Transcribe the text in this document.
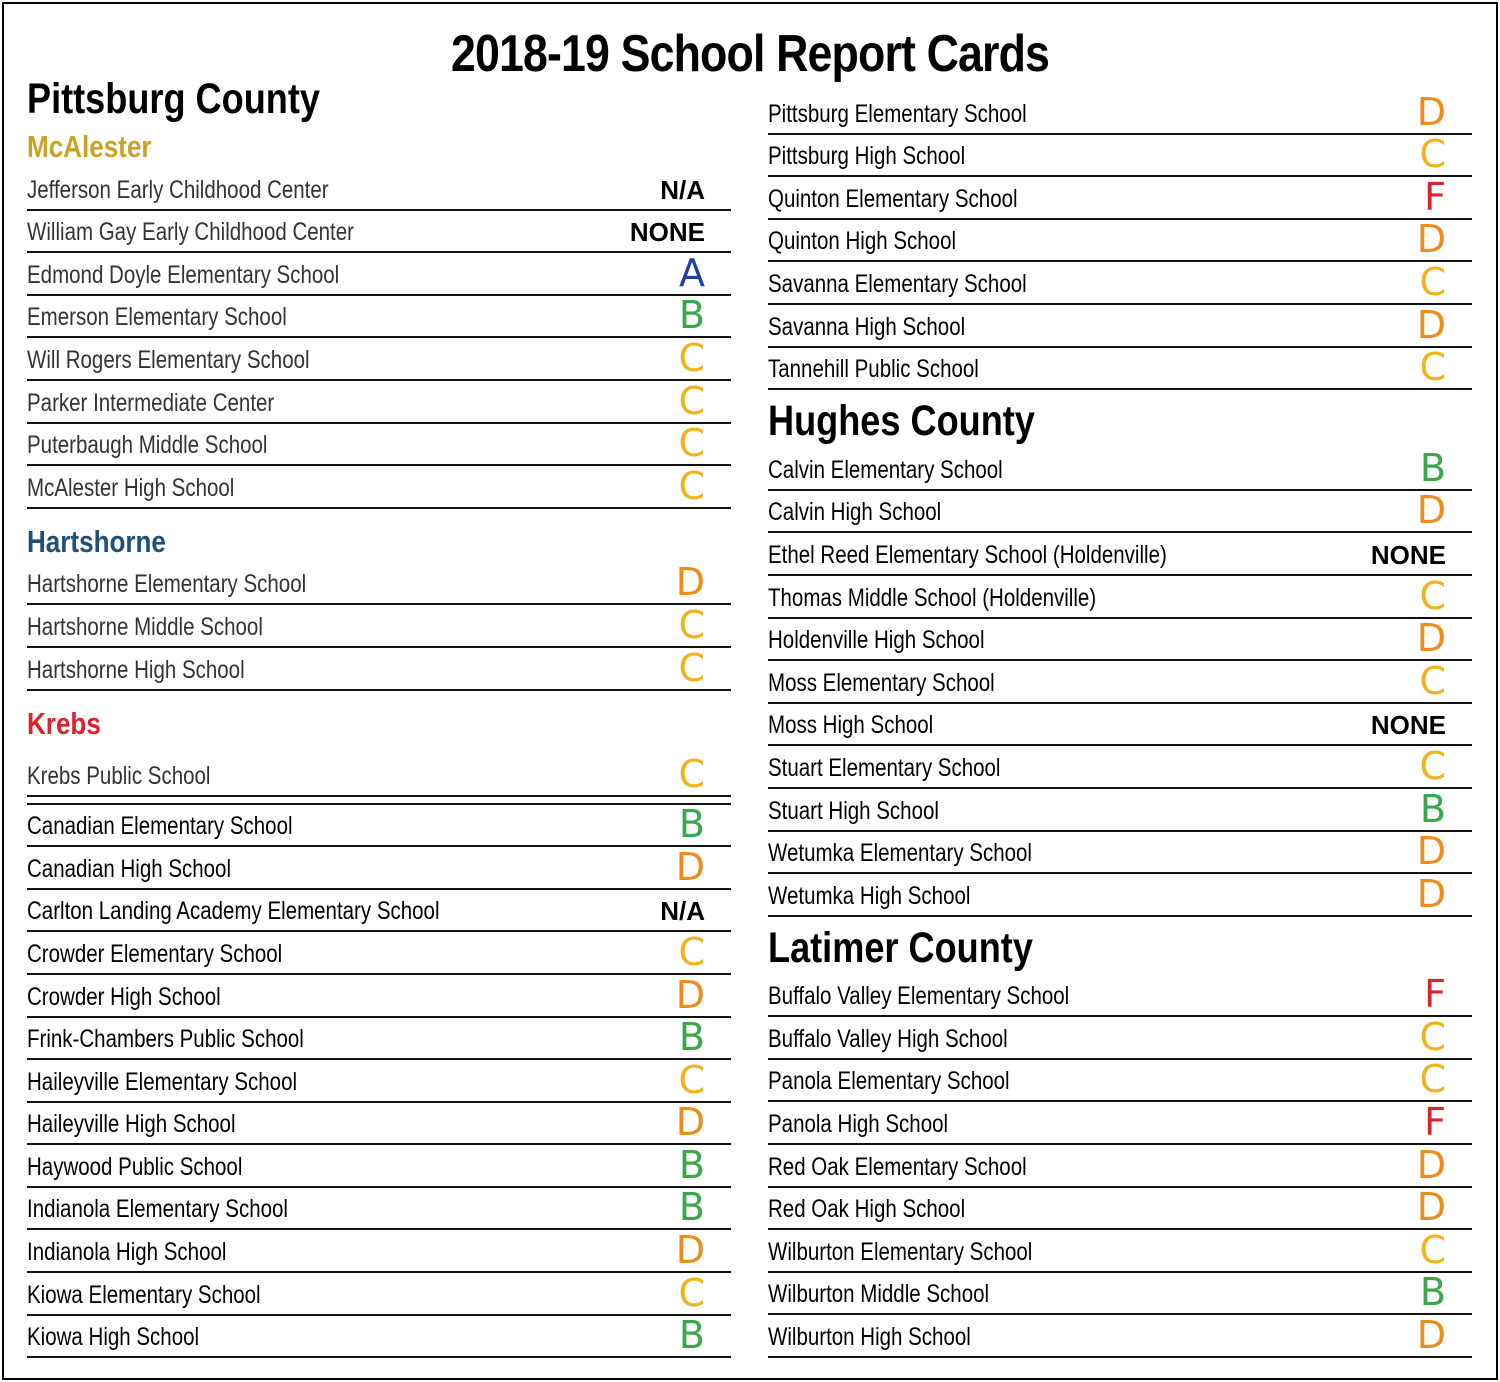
2018-19 School Report Cards
Pittsburg County
McAlester
Jefferson Early Childhood Center	N/A
William Gay Early Childhood Center	NONE
Edmond Doyle Elementary School	A
Emerson Elementary School	B
Will Rogers Elementary School	C
Parker Intermediate Center	C
Puterbaugh Middle School	C
McAlester High School	C
Hartshorne
Hartshorne Elementary School	D
Hartshorne Middle School	C
Hartshorne High School	C
Krebs
Krebs Public School	C
Canadian Elementary School	B
Canadian High School	D
Carlton Landing Academy Elementary School	N/A
Crowder Elementary School	C
Crowder High School	D
Frink-Chambers Public School	B
Haileyville Elementary School	C
Haileyville High School	D
Haywood Public School	B
Indianola Elementary School	B
Indianola High School	D
Kiowa Elementary School	C
Kiowa High School	B
Pittsburg Elementary School	D
Pittsburg High School	C
Quinton Elementary School	F
Quinton High School	D
Savanna Elementary School	C
Savanna High School	D
Tannehill Public School	C
Hughes County
Calvin Elementary School	B
Calvin High School	D
Ethel Reed Elementary School (Holdenville)	NONE
Thomas Middle School (Holdenville)	C
Holdenville High School	D
Moss Elementary School	C
Moss High School	NONE
Stuart Elementary School	C
Stuart High School	B
Wetumka Elementary School	D
Wetumka High School	D
Latimer County
Buffalo Valley Elementary School	F
Buffalo Valley High School	C
Panola Elementary School	C
Panola High School	F
Red Oak Elementary School	D
Red Oak High School	D
Wilburton Elementary School	C
Wilburton Middle School	B
Wilburton High School	D
